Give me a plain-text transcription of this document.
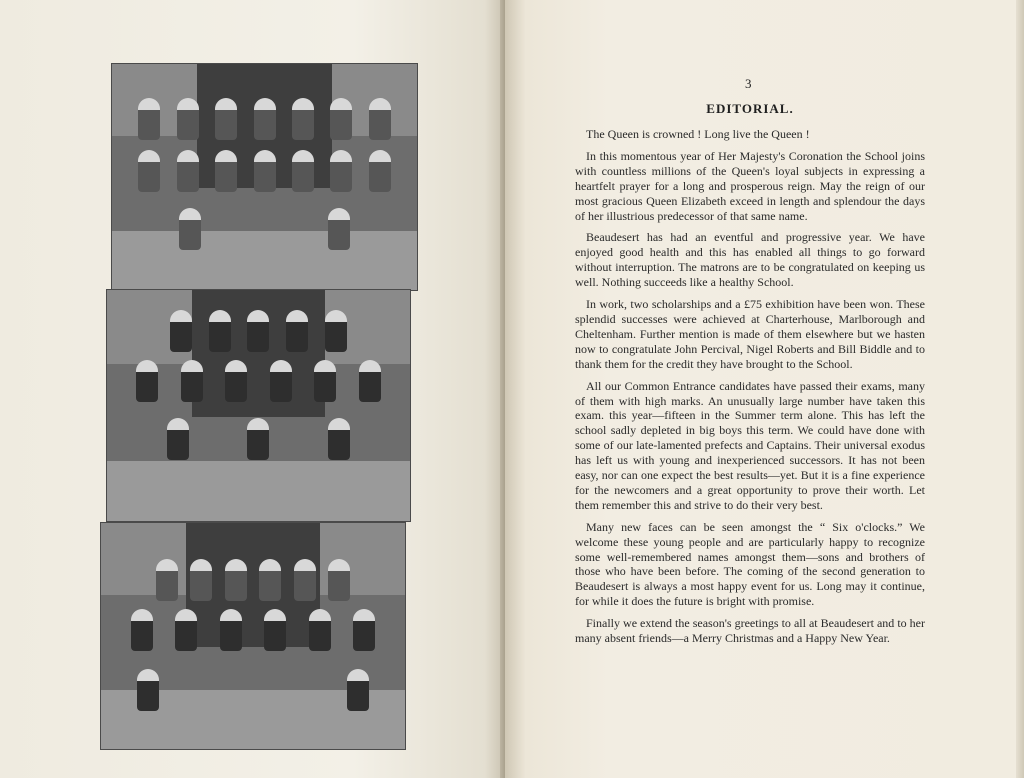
3
EDITORIAL.

The Queen is crowned ! Long live the Queen !

In this momentous year of Her Majesty's Coronation the School joins with countless millions of the Queen's loyal subjects in expressing a heartfelt prayer for a long and prosperous reign. May the reign of our most gracious Queen Elizabeth exceed in length and splendour the days of her illustrious predecessor of that same name.

Beaudesert has had an eventful and progressive year. We have enjoyed good health and this has enabled all things to go forward without interruption. The matrons are to be congratulated on keeping us well. Nothing succeeds like a healthy School.

In work, two scholarships and a £75 exhibition have been won. These splendid successes were achieved at Charterhouse, Marlborough and Cheltenham. Further mention is made of them elsewhere but we hasten now to congratulate John Percival, Nigel Roberts and Bill Biddle and to thank them for the credit they have brought to the School.

All our Common Entrance candidates have passed their exams, many of them with high marks. An unusually large number have taken this exam. this year—fifteen in the Summer term alone. This has left the school sadly depleted in big boys this term. We could have done with some of our late-lamented prefects and Captains. Their universal exodus has left us with young and inexperienced successors. It has not been easy, nor can one expect the best results—yet. But it is a fine experience for the newcomers and a great opportunity to prove their worth. Let them remember this and strive to do their very best.

Many new faces can be seen amongst the “ Six o'clocks.” We welcome these young people and are particularly happy to recognize some well-remembered names amongst them—sons and brothers of those who have been before. The coming of the second generation to Beaudesert is always a most happy event for us. Long may it continue, for while it does the future is bright with promise.

Finally we extend the season's greetings to all at Beaudesert and to her many absent friends—a Merry Christmas and a Happy New Year.
